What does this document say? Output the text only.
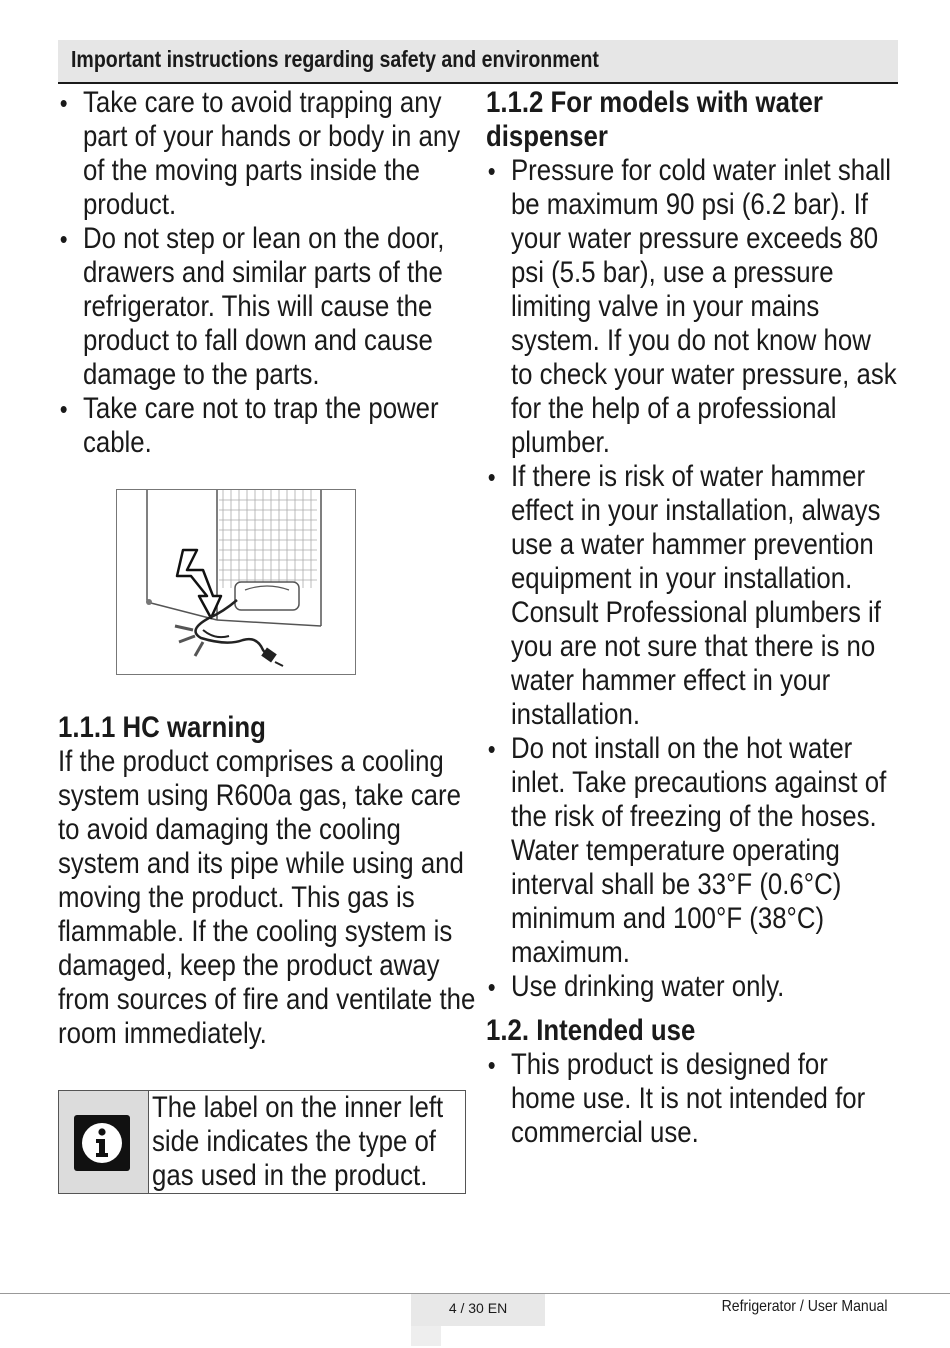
Important instructions regarding safety and environment
• Take care to avoid trapping any part of your hands or body in any of the moving parts inside the product.
• Do not step or lean on the door, drawers and similar parts of the refrigerator. This will cause the product to fall down and cause damage to the parts.
• Take care not to trap the power cable.
1.1.1 HC warning
If the product comprises a cooling system using R600a gas, take care to avoid damaging the cooling system and its pipe while using and moving the product. This gas is flammable. If the cooling system is damaged, keep the product away from sources of fire and ventilate the room immediately.
The label on the inner left side indicates the type of gas used in the product.
1.1.2 For models with water dispenser
• Pressure for cold water inlet shall be maximum 90 psi (6.2 bar). If your water pressure exceeds 80 psi (5.5 bar), use a pressure limiting valve in your mains system. If you do not know how to check your water pressure, ask for the help of a professional plumber.
• If there is risk of water hammer effect in your installation, always use a water hammer prevention equipment in your installation. Consult Professional plumbers if you are not sure that there is no water hammer effect in your installation.
• Do not install on the hot water inlet. Take precautions against of the risk of freezing of the hoses. Water temperature operating interval shall be 33°F (0.6°C) minimum and 100°F (38°C) maximum.
• Use drinking water only.
1.2. Intended use
• This product is designed for home use. It is not intended for commercial use.
4 / 30 EN	Refrigerator / User Manual
